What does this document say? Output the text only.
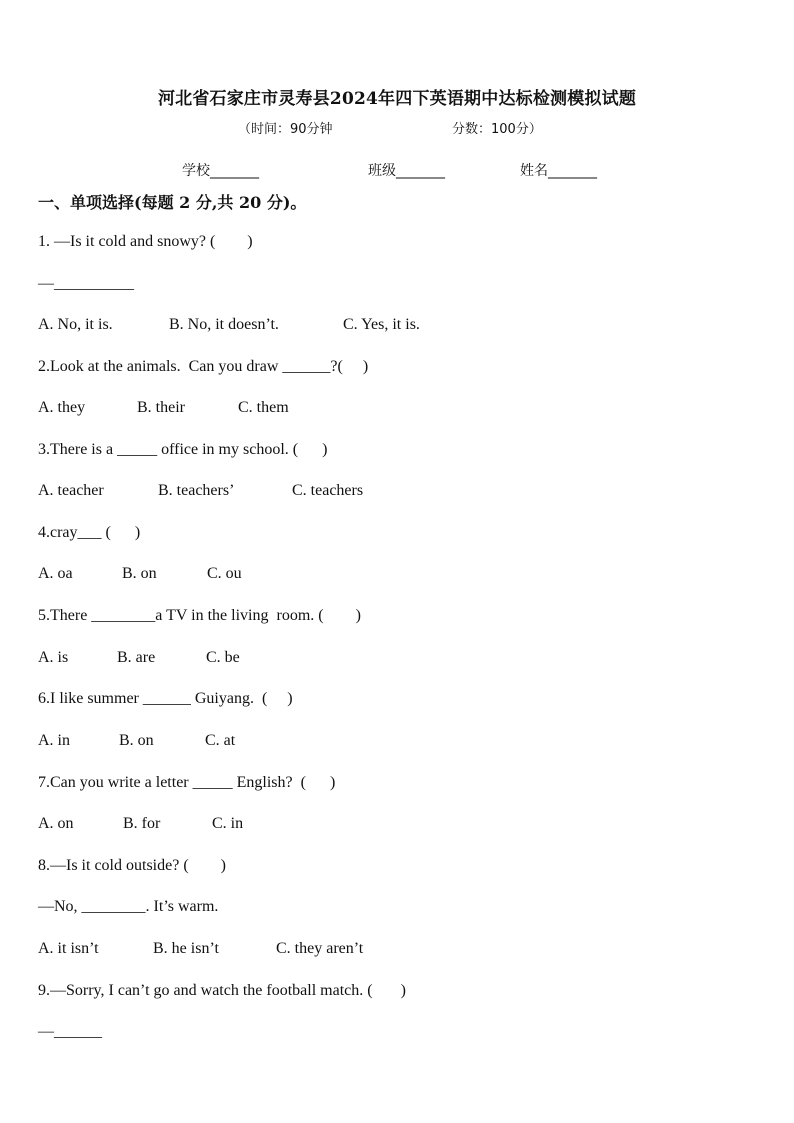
河北省石家庄市灵寿县2024年四下英语期中达标检测模拟试题
（时间：90分钟	分数：100分）
学校_______	班级_______	姓名_______
一、单项选择(每题 2 分,共 20 分)。
1. —Is it cold and snowy? (        )
—__________
A. No, it is.	B. No, it doesn’t.	C. Yes, it is.
2.Look at the animals.  Can you draw ______?(     )
A. they	B. their	C. them
3.There is a _____ office in my school. (      )
A. teacher	B. teachers’	C. teachers
4.cray___ (      )
A. oa	B. on	C. ou
5.There ________a TV in the living  room. (        )
A. is	B. are	C. be
6.I like summer ______ Guiyang.  (     )
A. in	B. on	C. at
7.Can you write a letter _____ English?  (      )
A. on	B. for	C. in
8.—Is it cold outside? (        )
—No, ________. It’s warm.
A. it isn’t	B. he isn’t	C. they aren’t
9.—Sorry, I can’t go and watch the football match. (       )
—______
